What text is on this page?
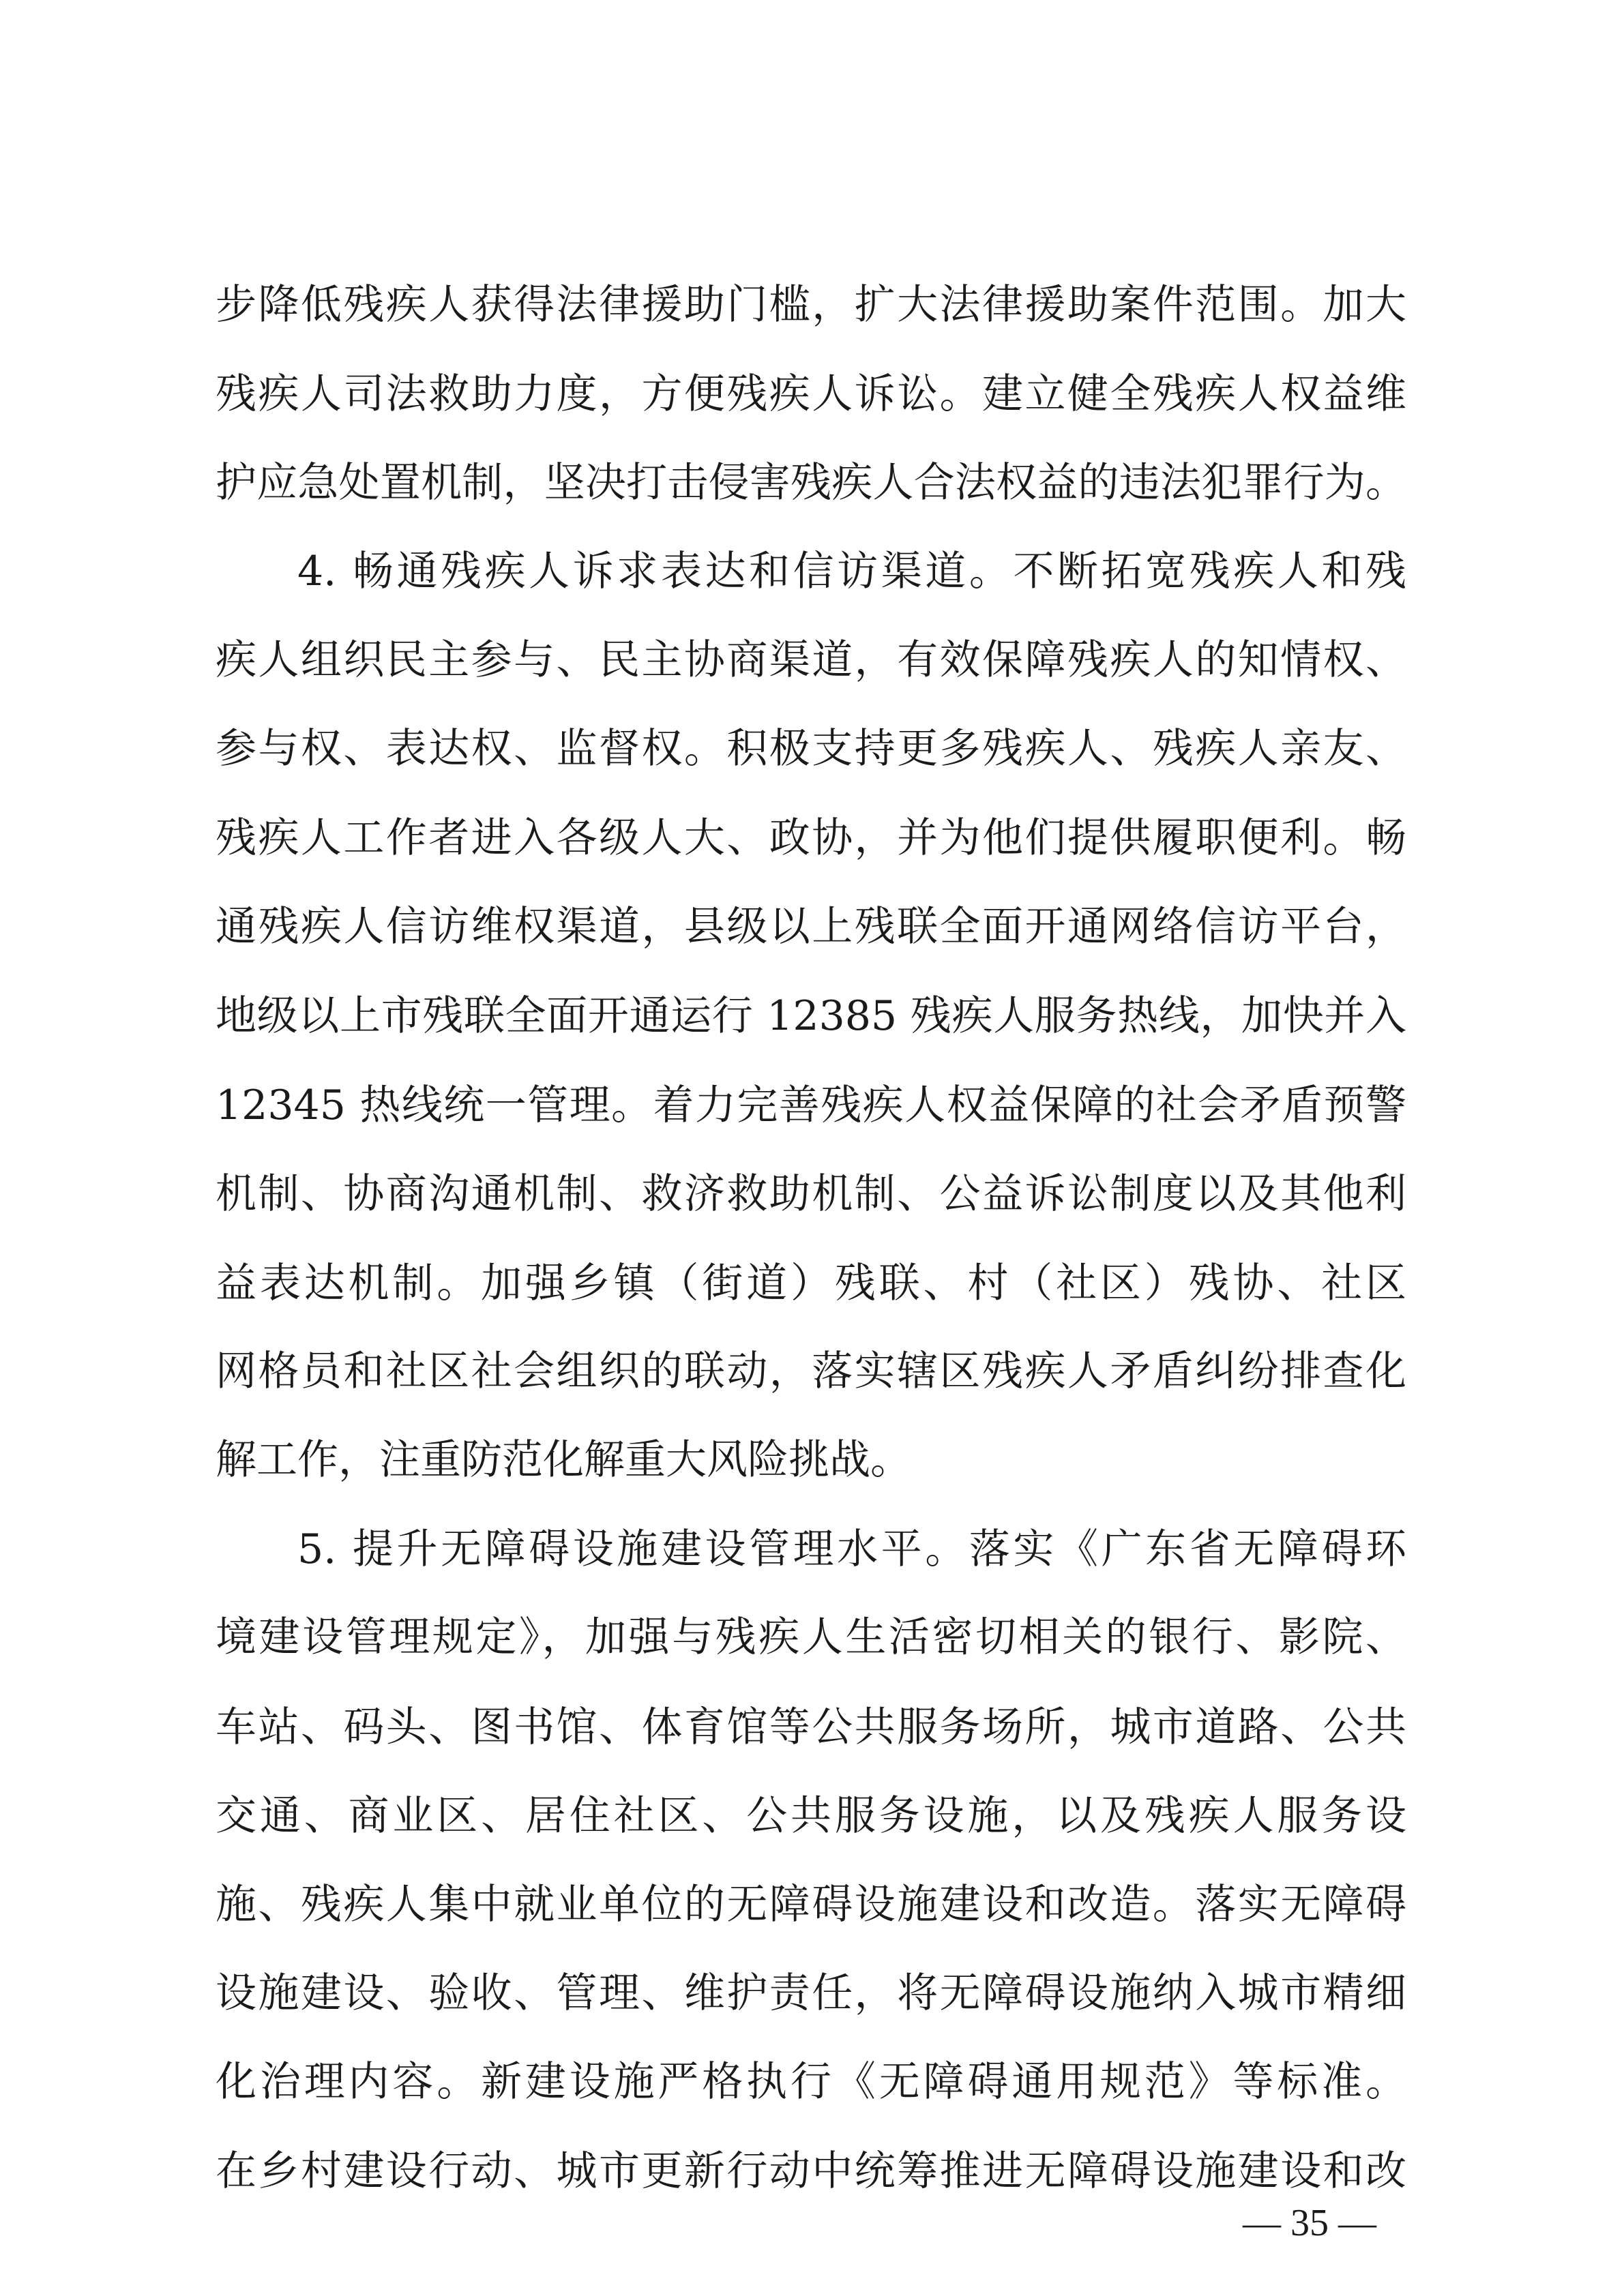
步降低残疾人获得法律援助门槛，扩大法律援助案件范围。加大
残疾人司法救助力度，方便残疾人诉讼。建立健全残疾人权益维
护应急处置机制，坚决打击侵害残疾人合法权益的违法犯罪行为。
4. 畅通残疾人诉求表达和信访渠道。不断拓宽残疾人和残
疾人组织民主参与、民主协商渠道，有效保障残疾人的知情权、
参与权、表达权、监督权。积极支持更多残疾人、残疾人亲友、
残疾人工作者进入各级人大、政协，并为他们提供履职便利。畅
通残疾人信访维权渠道，县级以上残联全面开通网络信访平台，
地级以上市残联全面开通运行 12385 残疾人服务热线，加快并入
12345 热线统一管理。着力完善残疾人权益保障的社会矛盾预警
机制、协商沟通机制、救济救助机制、公益诉讼制度以及其他利
益表达机制。加强乡镇（街道）残联、村（社区）残协、社区
网格员和社区社会组织的联动，落实辖区残疾人矛盾纠纷排查化
解工作，注重防范化解重大风险挑战。
5. 提升无障碍设施建设管理水平。落实《广东省无障碍环
境建设管理规定》，加强与残疾人生活密切相关的银行、影院、
车站、码头、图书馆、体育馆等公共服务场所，城市道路、公共
交通、商业区、居住社区、公共服务设施，以及残疾人服务设
施、残疾人集中就业单位的无障碍设施建设和改造。落实无障碍
设施建设、验收、管理、维护责任，将无障碍设施纳入城市精细
化治理内容。新建设施严格执行《无障碍通用规范》等标准。
在乡村建设行动、城市更新行动中统筹推进无障碍设施建设和改
— 35 —
